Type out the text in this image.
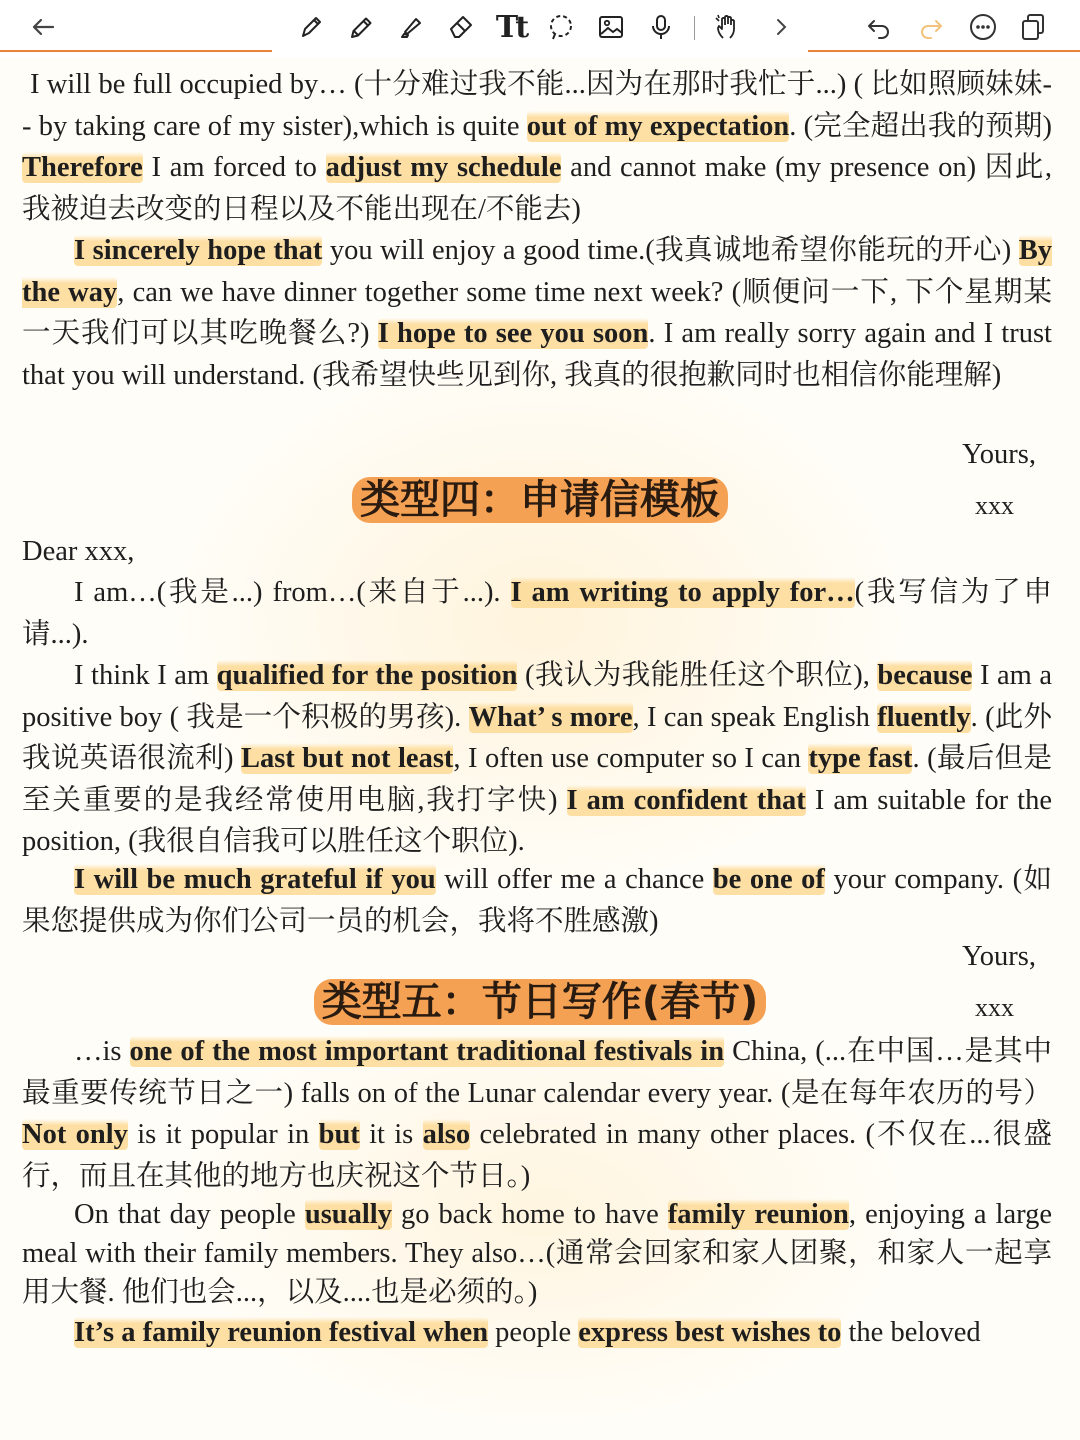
Tt

I will be full occupied by… (十分难过我不能...因为在那时我忙于...) ( 比如照顾妹妹-- by taking care of my sister),which is quite out of my expectation. (完全超出我的预期) Therefore I am forced to adjust my schedule and cannot make (my presence on) 因此, 我被迫去改变的日程以及不能出现在/不能去)

I sincerely hope that you will enjoy a good time.(我真诚地希望你能玩的开心) By the way, can we have dinner together some time next week? (顺便问一下, 下个星期某一天我们可以其吃晚餐么?) I hope to see you soon. I am really sorry again and I trust that you will understand. (我希望快些见到你, 我真的很抱歉同时也相信你能理解)

Yours,
类型四：申请信模板	xxx

Dear xxx,

I am…(我是...) from…(来自于...). I am writing to apply for…(我写信为了申请...).

I think I am qualified for the position (我认为我能胜任这个职位), because I am a positive boy ( 我是一个积极的男孩). What’ s more, I can speak English fluently. (此外我说英语很流利) Last but not least, I often use computer so I can type fast. (最后但是至关重要的是我经常使用电脑,我打字快) I am confident that I am suitable for the position, (我很自信我可以胜任这个职位).

I will be much grateful if you will offer me a chance be one of your company. (如果您提供成为你们公司一员的机会，我将不胜感激)

Yours,
类型五：节日写作(春节)	xxx

…is one of the most important traditional festivals in China, (...在中国…是其中最重要传统节日之一) falls on of the Lunar calendar every year. (是在每年农历的号）Not only is it popular in but it is also celebrated in many other places. (不仅在...很盛行，而且在其他的地方也庆祝这个节日。)

On that day people usually go back home to have family reunion, enjoying a large meal with their family members. They also…(通常会回家和家人团聚，和家人一起享用大餐. 他们也会...，以及....也是必须的。)

It’s a family reunion festival when people express best wishes to the beloved
